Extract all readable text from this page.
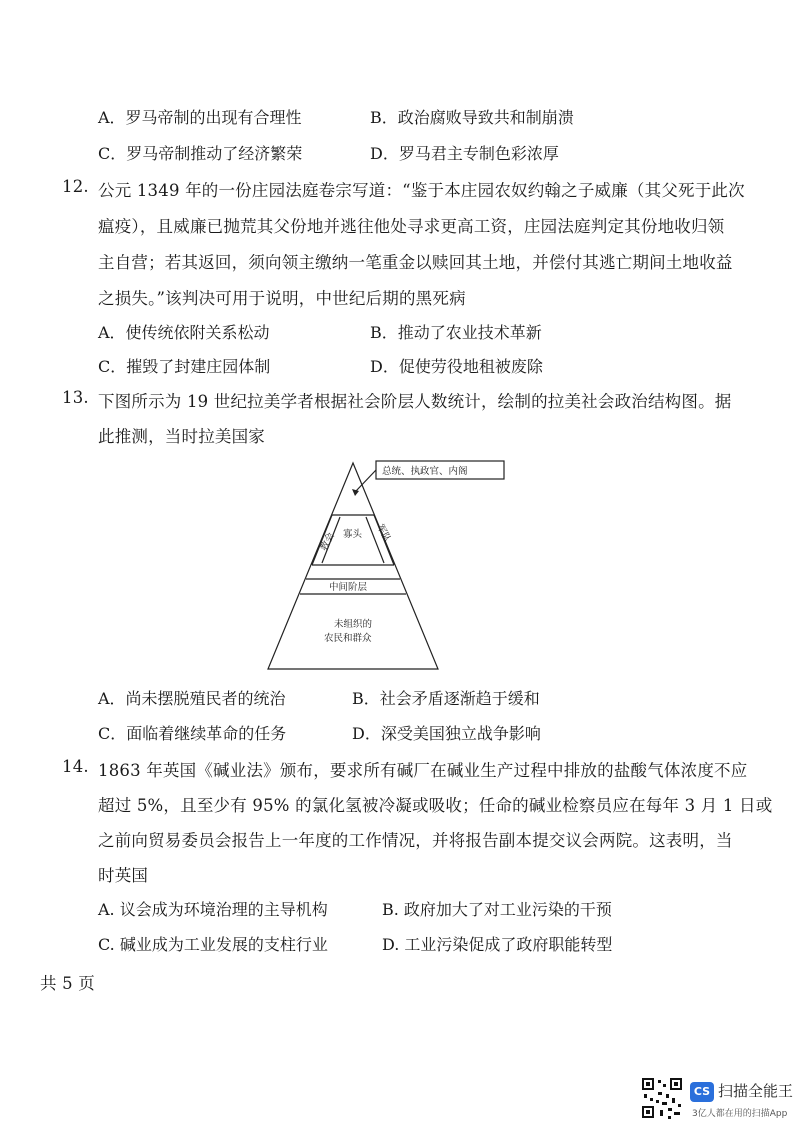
A．罗马帝制的出现有合理性	B．政治腐败导致共和制崩溃
C．罗马帝制推动了经济繁荣	D．罗马君主专制色彩浓厚
12. 公元 1349 年的一份庄园法庭卷宗写道：“鉴于本庄园农奴约翰之子威廉（其父死于此次
瘟疫），且威廉已抛荒其父份地并逃往他处寻求更高工资，庄园法庭判定其份地收归领
主自营；若其返回，须向领主缴纳一笔重金以赎回其土地，并偿付其逃亡期间土地收益
之损失。”该判决可用于说明，中世纪后期的黑死病
A．使传统依附关系松动	B．推动了农业技术革新
C．摧毁了封建庄园体制	D．促使劳役地租被废除
13. 下图所示为 19 世纪拉美学者根据社会阶层人数统计，绘制的拉美社会政治结构图。据
此推测，当时拉美国家
总统、执政官、内阁
教会 寡头 军队
中间阶层
未组织的
农民和群众
A．尚未摆脱殖民者的统治	B．社会矛盾逐渐趋于缓和
C．面临着继续革命的任务	D．深受美国独立战争影响
14. 1863 年英国《碱业法》颁布，要求所有碱厂在碱业生产过程中排放的盐酸气体浓度不应
超过 5%，且至少有 95% 的氯化氢被冷凝或吸收；任命的碱业检察员应在每年 3 月 1 日或
之前向贸易委员会报告上一年度的工作情况，并将报告副本提交议会两院。这表明，当
时英国
A. 议会成为环境治理的主导机构	B. 政府加大了对工业污染的干预
C. 碱业成为工业发展的支柱行业	D. 工业污染促成了政府职能转型
共 5 页
CS 扫描全能王
3亿人都在用的扫描App
